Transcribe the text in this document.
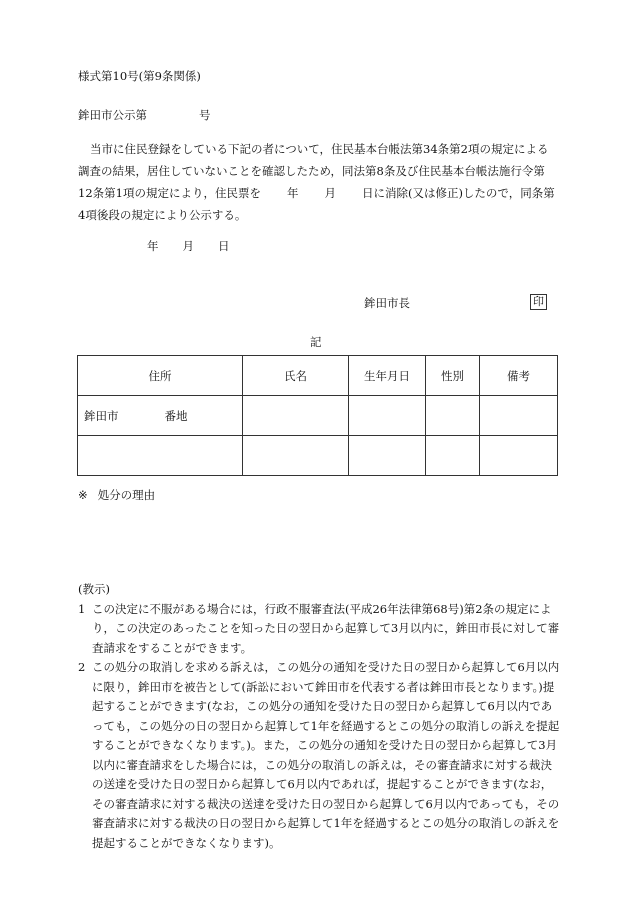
様式第10号(第9条関係)
鉾田市公示第	号
当市に住民登録をしている下記の者について，住民基本台帳法第34条第2項の規定による
調査の結果，居住していないことを確認したため，同法第8条及び住民基本台帳法施行令第
12条第1項の規定により，住民票を 年 月 日に消除(又は修正)したので，同条第
4項後段の規定により公示する。
年 月 日
鉾田市長	印
記
住所	氏名	生年月日	性別	備考
鉾田市 番地				

※ 処分の理由
(教示)
1 この決定に不服がある場合には，行政不服審査法(平成26年法律第68号)第2条の規定により，この決定のあったことを知った日の翌日から起算して3月以内に，鉾田市長に対して審査請求をすることができます。
2 この処分の取消しを求める訴えは，この処分の通知を受けた日の翌日から起算して6月以内に限り，鉾田市を被告として(訴訟において鉾田市を代表する者は鉾田市長となります。)提起することができます(なお，この処分の通知を受けた日の翌日から起算して6月以内であっても，この処分の日の翌日から起算して1年を経過するとこの処分の取消しの訴えを提起することができなくなります。)。また，この処分の通知を受けた日の翌日から起算して3月以内に審査請求をした場合には，この処分の取消しの訴えは，その審査請求に対する裁決の送達を受けた日の翌日から起算して6月以内であれば，提起することができます(なお，その審査請求に対する裁決の送達を受けた日の翌日から起算して6月以内であっても，その審査請求に対する裁決の日の翌日から起算して1年を経過するとこの処分の取消しの訴えを提起することができなくなります)。
